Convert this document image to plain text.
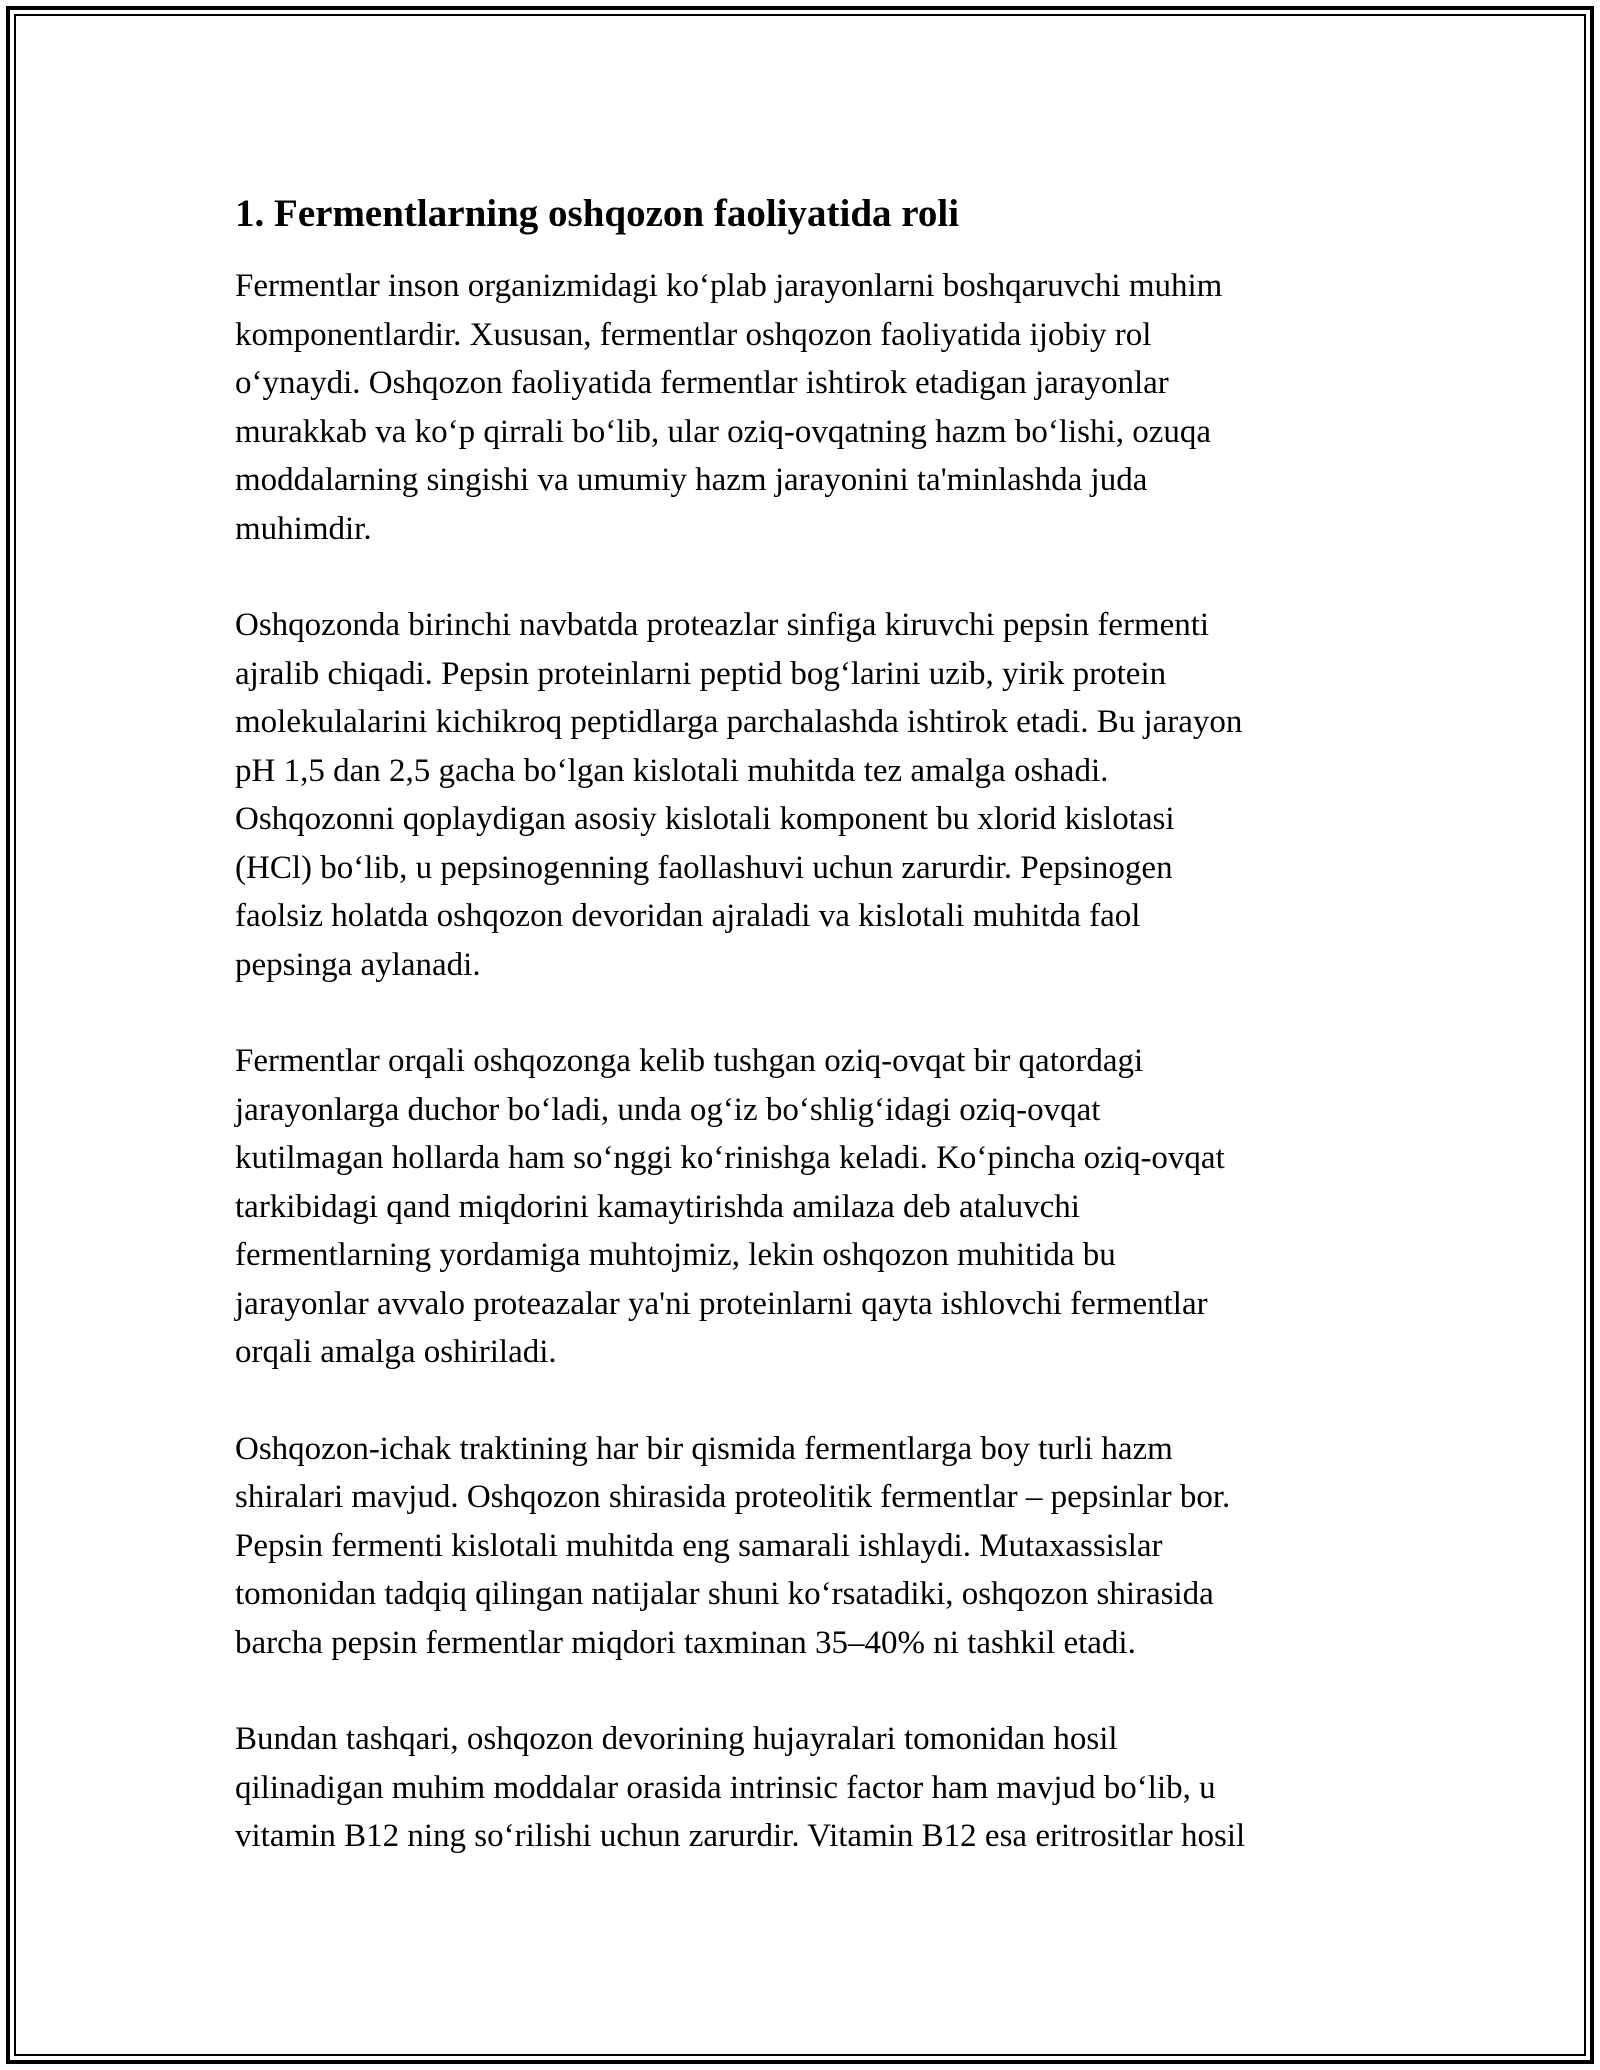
1. Fermentlarning oshqozon faoliyatida roli

Fermentlar inson organizmidagi ko‘plab jarayonlarni boshqaruvchi muhim
komponentlardir. Xususan, fermentlar oshqozon faoliyatida ijobiy rol
o‘ynaydi. Oshqozon faoliyatida fermentlar ishtirok etadigan jarayonlar
murakkab va ko‘p qirrali bo‘lib, ular oziq-ovqatning hazm bo‘lishi, ozuqa
moddalarning singishi va umumiy hazm jarayonini ta'minlashda juda
muhimdir.

Oshqozonda birinchi navbatda proteazlar sinfiga kiruvchi pepsin fermenti
ajralib chiqadi. Pepsin proteinlarni peptid bog‘larini uzib, yirik protein
molekulalarini kichikroq peptidlarga parchalashda ishtirok etadi. Bu jarayon
pH 1,5 dan 2,5 gacha bo‘lgan kislotali muhitda tez amalga oshadi.
Oshqozonni qoplaydigan asosiy kislotali komponent bu xlorid kislotasi
(HCl) bo‘lib, u pepsinogenning faollashuvi uchun zarurdir. Pepsinogen
faolsiz holatda oshqozon devoridan ajraladi va kislotali muhitda faol
pepsinga aylanadi.

Fermentlar orqali oshqozonga kelib tushgan oziq-ovqat bir qatordagi
jarayonlarga duchor bo‘ladi, unda og‘iz bo‘shlig‘idagi oziq-ovqat
kutilmagan hollarda ham so‘nggi ko‘rinishga keladi. Ko‘pincha oziq-ovqat
tarkibidagi qand miqdorini kamaytirishda amilaza deb ataluvchi
fermentlarning yordamiga muhtojmiz, lekin oshqozon muhitida bu
jarayonlar avvalo proteazalar ya'ni proteinlarni qayta ishlovchi fermentlar
orqali amalga oshiriladi.

Oshqozon-ichak traktining har bir qismida fermentlarga boy turli hazm
shiralari mavjud. Oshqozon shirasida proteolitik fermentlar – pepsinlar bor.
Pepsin fermenti kislotali muhitda eng samarali ishlaydi. Mutaxassislar
tomonidan tadqiq qilingan natijalar shuni ko‘rsatadiki, oshqozon shirasida
barcha pepsin fermentlar miqdori taxminan 35–40% ni tashkil etadi.

Bundan tashqari, oshqozon devorining hujayralari tomonidan hosil
qilinadigan muhim moddalar orasida intrinsic factor ham mavjud bo‘lib, u
vitamin B12 ning so‘rilishi uchun zarurdir. Vitamin B12 esa eritrositlar hosil
